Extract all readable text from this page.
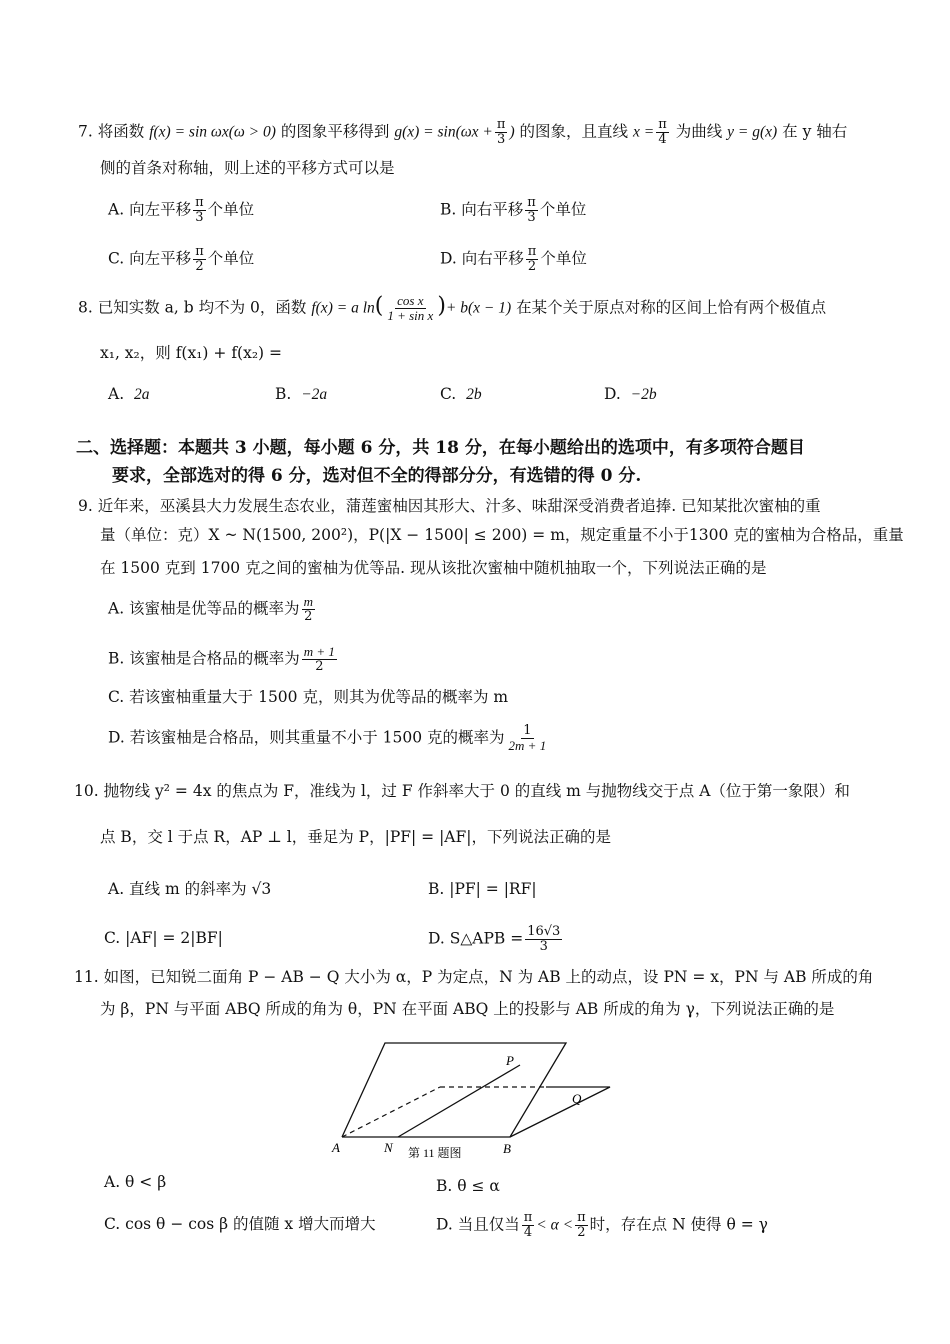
7. 将函数 f(x) = sin ωx(ω > 0) 的图象平移得到 $g(x) = \sin(\omega x + \frac{\pi}{3}$ ) 的图象，且直线 $x = \frac{\pi}{4}$ 为曲线 y = g(x) 在 y 轴右
侧的首条对称轴，则上述的平移方式可以是
A. 向左平移 $\frac{\pi}{3}$ 个单位	B. 向右平移 $\frac{\pi}{3}$ 个单位
C. 向左平移 $\frac{\pi}{2}$ 个单位	D. 向右平移 $\frac{\pi}{2}$ 个单位
8. 已知实数 a, b 均不为 0，函数 f(x) = a $\ln( \frac{\text{cos x}}{\text{1 + sin x}}$ )+ b(x − 1) 在某个关于原点对称的区间上恰有两个极值点
x₁, x₂，则 f(x₁) + f(x₂) =
A. 2a	B. −2a	C. 2b	D. −2b
二、选择题：本题共 3 小题，每小题 6 分，共 18 分，在每小题给出的选项中，有多项符合题目
要求，全部选对的得 6 分，选对但不全的得部分分，有选错的得 0 分.
9. 近年来，巫溪县大力发展生态农业，蒲莲蜜柚因其形大、汁多、味甜深受消费者追捧. 已知某批次蜜柚的重
量（单位：克）X ~ N(1500, 200²)，P(|X − 1500| ≤ 200) = m，规定重量不小于1300 克的蜜柚为合格品，重量
在 1500 克到 1700 克之间的蜜柚为优等品. 现从该批次蜜柚中随机抽取一个，下列说法正确的是
A. 该蜜柚是优等品的概率为 $\frac{m}{2}$
B. 该蜜柚是合格品的概率为 $\frac{m + 1}{2}$
C. 若该蜜柚重量大于 1500 克，则其为优等品的概率为 m
D. 若该蜜柚是合格品，则其重量不小于 1500 克的概率为 $\frac{1}{2m + 1}$
10. 抛物线 y² = 4x 的焦点为 F，准线为 l，过 F 作斜率大于 0 的直线 m 与抛物线交于点 A（位于第一象限）和
点 B，交 l 于点 R，AP ⊥ l，垂足为 P，|PF| = |AF|，下列说法正确的是
A. 直线 m 的斜率为 √3	B. |PF| = |RF|
C. |AF| = 2|BF|	D. S△APB = $\frac{16√3}{3}$
11. 如图，已知锐二面角 P − AB − Q 大小为 α，P 为定点，N 为 AB 上的动点，设 PN = x，PN 与 AB 所成的角
为 β，PN 与平面 ABQ 所成的角为 θ，PN 在平面 ABQ 上的投影与 AB 所成的角为 γ，下列说法正确的是
P
Q
A	N	B
第 11 题图
A. θ < β	B. θ ≤ α
C. cos θ − cos β 的值随 x 增大而增大	D. 当且仅当 $\frac{\pi}{4} < \alpha < \frac{\pi}{2}$ 时，存在点 N 使得 θ = γ
